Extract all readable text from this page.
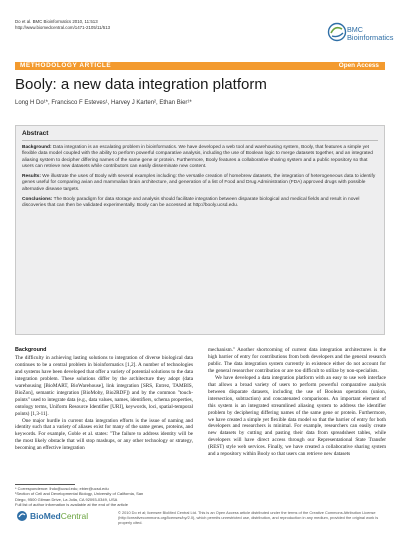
Do et al. BMC Bioinformatics 2010, 11:513
http://www.biomedcentral.com/1471-2105/11/513	BMC
Bioinformatics
METHODOLOGY ARTICLE	Open Access
Booly: a new data integration platform
Long H Do¹*, Francisco F Esteves¹, Harvey J Karten², Ethan Bier¹*
Abstract

Background: Data integration is an escalating problem in bioinformatics. We have developed a web tool and warehousing system, Booly, that features a simple yet flexible data model coupled with the ability to perform powerful comparative analysis, including the use of Boolean logic to merge datasets together, and an integrated aliasing system to decipher differing names of the same gene or protein. Furthermore, Booly features a collaborative sharing system and a public repository so that users can retrieve new datasets while contributors can easily disseminate new content.

Results: We illustrate the uses of Booly with several examples including: the versatile creation of homebrew datasets, the integration of heterogeneous data to identify genes useful for comparing avian and mammalian brain architecture, and generation of a list of Food and Drug Administration (FDA) approved drugs with possible alternative disease targets.

Conclusions: The Booly paradigm for data storage and analysis should facilitate integration between disparate biological and medical fields and result in novel discoveries that can then be validated experimentally. Booly can be accessed at http://booly.ucsd.edu.

Background

The difficulty in achieving lasting solutions to integration of diverse biological data continues to be a central problem in bioinformatics [1,2]. A number of technologies and systems have been developed that offer a variety of potential solutions to the data integration problem. These solutions differ by the architecture they adopt (data warehousing [BioMART, BioWarehouse], link integration [SRS, Entrez, TAMBIS, BioZon], semantic integration [BioMoby, Bio2RDF]) and by the common "touch-points" used to integrate data (e.g., data values, names, identifiers, schema properties, ontology terms, Uniform Resource Identifier [URI], keywords, loci, spatial-temporal points) [1,3-11].

One major hurdle in current data integration efforts is the issue of naming and identity such that a variety of aliases exist for many of the same genes, proteins, and keywords. For example, Goble et al. states: "The failure to address identity will be the most likely obstacle that will stop mashups, or any other technology or strategy, becoming an effective integration

mechanism." Another shortcoming of current data integration architectures is the high barrier of entry for contributions from both developers and the general research public. The data integration system currently in existence either do not account for the general researcher contribution or are too difficult to utilize by non-specialists.

We have developed a data integration platform with an easy to use web interface that allows a broad variety of users to perform powerful comparative analysis between disparate datasets, including the use of Boolean operations (union, intersection, subtraction) and concatenated comparisons. An important element of this system is an integrated streamlined aliasing system to address the identifier problem by deciphering differing names of the same gene or protein. Furthermore, we have created a simple yet flexible data model so that the barrier of entry for both developers and researchers is minimal. For example, researchers can easily create new datasets by cutting and pasting their data from spreadsheet tables, while developers will have direct access through our Representational State Transfer (REST) style web services. Finally, we have created a collaborative sharing system and a repository within Booly so that users can retrieve new datasets

* Correspondence: lhdo@ucsd.edu; ebier@ucsd.edu
¹Section of Cell and Developmental Biology, University of California, San
Diego, 9500 Gilman Drive, La Jolla, CA 92093-0349, USA
Full list of author information is available at the end of the article
BioMedCentral	© 2010 Do et al; licensee BioMed Central Ltd. This is an Open Access article distributed under the terms of the Creative Commons Attribution License (http://creativecommons.org/licenses/by/2.0), which permits unrestricted use, distribution, and reproduction in any medium, provided the original work is properly cited.
